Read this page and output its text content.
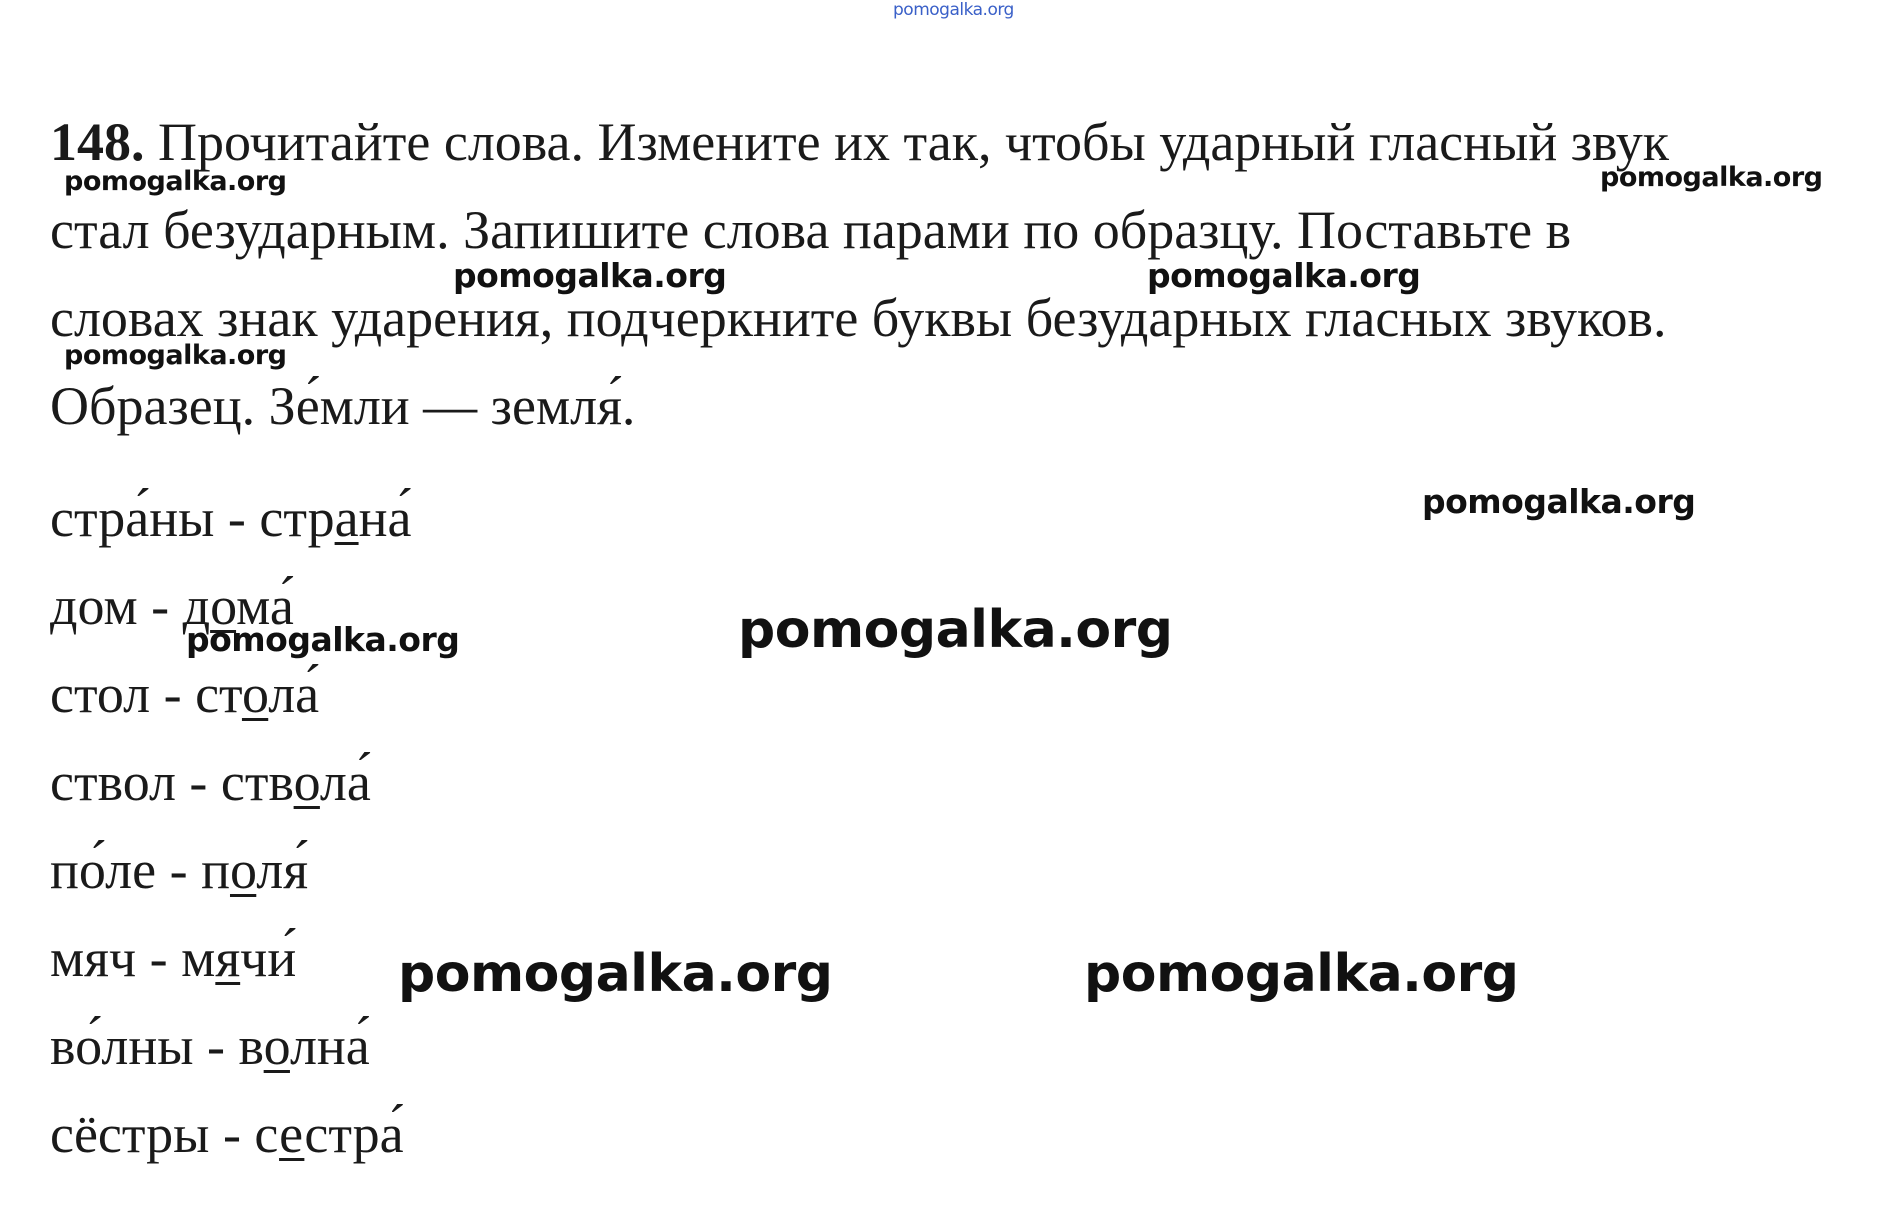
pomogalka.org
148. Прочитайте слова. Измените их так, чтобы ударный гласный звук
стал безударным. Запишите слова парами по образцу. Поставьте в
словах знак ударения, подчеркните буквы безударных гласных звуков.
Образец. Зе́мли — земля́.
стра́ны - страна́
дом - дома́
стол - стола́
ствол - ствола́
по́ле - поля́
мяч - мячи́
во́лны - волна́
сёстры - сестра́
pomogalka.org	pomogalka.org
pomogalka.org	pomogalka.org
pomogalka.org
pomogalka.org
pomogalka.org	pomogalka.org
pomogalka.org	pomogalka.org
